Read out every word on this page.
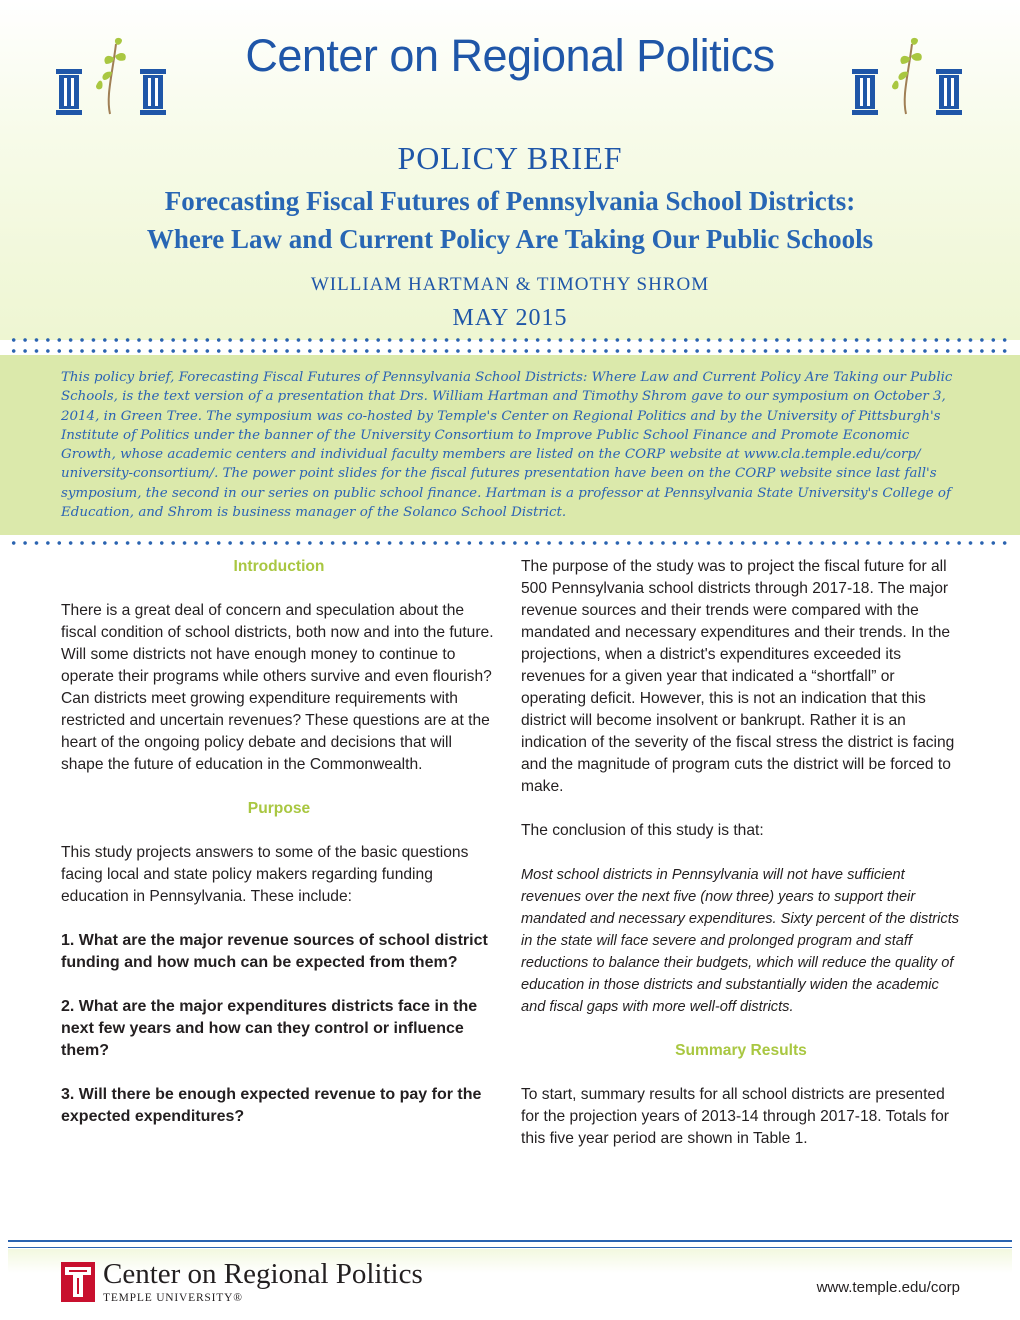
Center on Regional Politics
POLICY BRIEF
Forecasting Fiscal Futures of Pennsylvania School Districts:
Where Law and Current Policy Are Taking Our Public Schools
WILLIAM HARTMAN & TIMOTHY SHROM
MAY 2015
This policy brief, Forecasting Fiscal Futures of Pennsylvania School Districts: Where Law and Current Policy Are Taking our Public Schools, is the text version of a presentation that Drs. William Hartman and Timothy Shrom gave to our symposium on October 3, 2014, in Green Tree. The symposium was co-hosted by Temple's Center on Regional Politics and by the University of Pittsburgh's Institute of Politics under the banner of the University Consortium to Improve Public School Finance and Promote Economic Growth, whose academic centers and individual faculty members are listed on the CORP website at www.cla.temple.edu/corp/ university-consortium/. The power point slides for the fiscal futures presentation have been on the CORP website since last fall's symposium, the second in our series on public school finance. Hartman is a professor at Pennsylvania State University's College of Education, and Shrom is business manager of the Solanco School District.

Introduction

There is a great deal of concern and speculation about the fiscal condition of school districts, both now and into the future. Will some districts not have enough money to continue to operate their programs while others survive and even flourish? Can districts meet growing expenditure requirements with restricted and uncertain revenues? These questions are at the heart of the ongoing policy debate and decisions that will shape the future of education in the Commonwealth.

Purpose

This study projects answers to some of the basic questions facing local and state policy makers regarding funding education in Pennsylvania. These include:

1. What are the major revenue sources of school district funding and how much can be expected from them?

2. What are the major expenditures districts face in the next few years and how can they control or influence them?

3. Will there be enough expected revenue to pay for the expected expenditures?

The purpose of the study was to project the fiscal future for all 500 Pennsylvania school districts through 2017-18. The major revenue sources and their trends were compared with the mandated and necessary expenditures and their trends. In the projections, when a district's expenditures exceeded its revenues for a given year that indicated a “shortfall” or operating deficit. However, this is not an indication that this district will become insolvent or bankrupt. Rather it is an indication of the severity of the fiscal stress the district is facing and the magnitude of program cuts the district will be forced to make.

The conclusion of this study is that:

Most school districts in Pennsylvania will not have sufficient revenues over the next five (now three) years to support their mandated and necessary expenditures. Sixty percent of the districts in the state will face severe and prolonged program and staff reductions to balance their budgets, which will reduce the quality of education in those districts and substantially widen the academic and fiscal gaps with more well-off districts.

Summary Results

To start, summary results for all school districts are presented for the projection years of 2013-14 through 2017-18. Totals for this five year period are shown in Table 1.

Center on Regional Politics
TEMPLE UNIVERSITY®
www.temple.edu/corp
